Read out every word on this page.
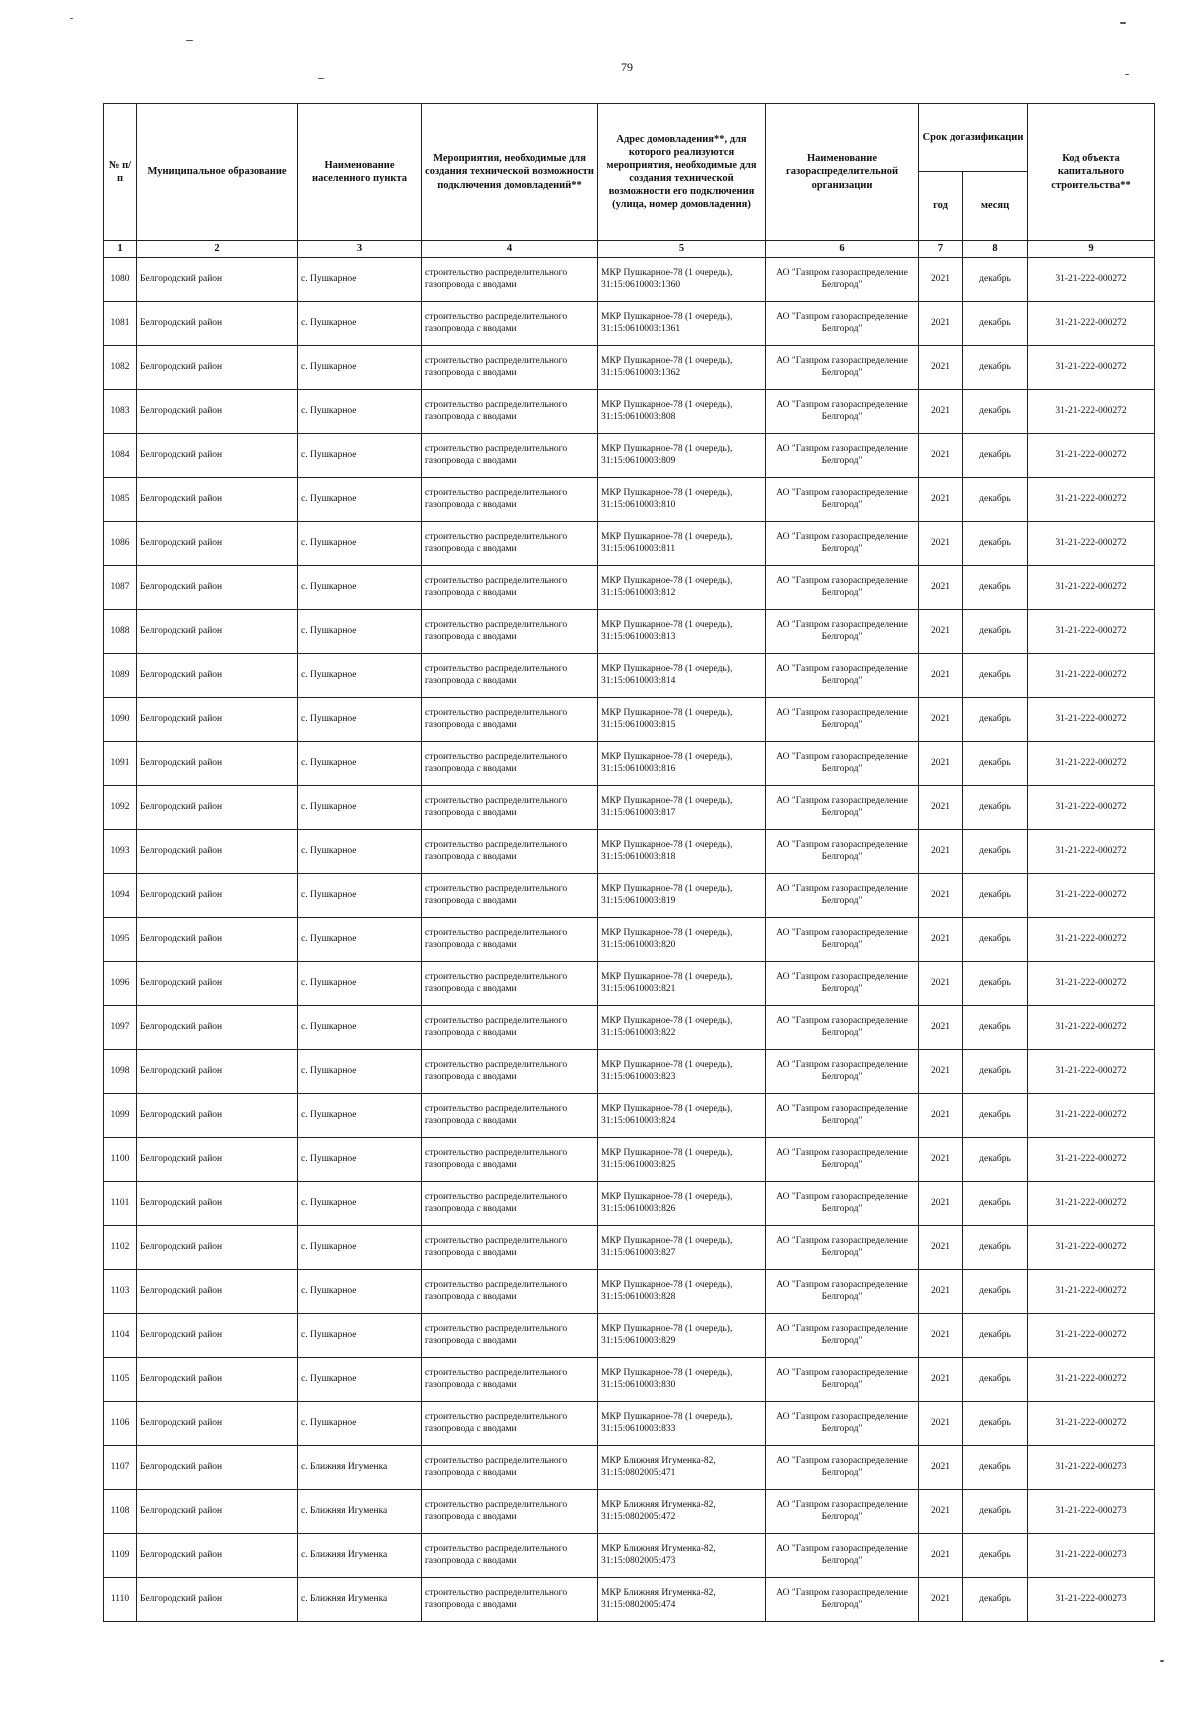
79
№ п/п	Муниципальное образование	Наименование населенного пункта	Мероприятия, необходимые для создания технической возможности подключения домовладений**	Адрес домовладения**, для которого реализуются мероприятия, необходимые для создания технической возможности его подключения (улица, номер домовладения)	Наименование газораспределительной организации	Срок догазификации		Код объекта капитального строительства**
						год	месяц	
1	2	3	4	5	6	7	8	9
1080	Белгородский район	с. Пушкарное	строительство распределительного газопровода с вводами	МКР Пушкарное-78 (1 очередь), 31:15:0610003:1360	АО "Газпром газораспределение Белгород"	2021	декабрь	31-21-222-000272
1081	Белгородский район	с. Пушкарное	строительство распределительного газопровода с вводами	МКР Пушкарное-78 (1 очередь), 31:15:0610003:1361	АО "Газпром газораспределение Белгород"	2021	декабрь	31-21-222-000272
1082	Белгородский район	с. Пушкарное	строительство распределительного газопровода с вводами	МКР Пушкарное-78 (1 очередь), 31:15:0610003:1362	АО "Газпром газораспределение Белгород"	2021	декабрь	31-21-222-000272
1083	Белгородский район	с. Пушкарное	строительство распределительного газопровода с вводами	МКР Пушкарное-78 (1 очередь), 31:15:0610003:808	АО "Газпром газораспределение Белгород"	2021	декабрь	31-21-222-000272
1084	Белгородский район	с. Пушкарное	строительство распределительного газопровода с вводами	МКР Пушкарное-78 (1 очередь), 31:15:0610003:809	АО "Газпром газораспределение Белгород"	2021	декабрь	31-21-222-000272
1085	Белгородский район	с. Пушкарное	строительство распределительного газопровода с вводами	МКР Пушкарное-78 (1 очередь), 31:15:0610003:810	АО "Газпром газораспределение Белгород"	2021	декабрь	31-21-222-000272
1086	Белгородский район	с. Пушкарное	строительство распределительного газопровода с вводами	МКР Пушкарное-78 (1 очередь), 31:15:0610003:811	АО "Газпром газораспределение Белгород"	2021	декабрь	31-21-222-000272
1087	Белгородский район	с. Пушкарное	строительство распределительного газопровода с вводами	МКР Пушкарное-78 (1 очередь), 31:15:0610003:812	АО "Газпром газораспределение Белгород"	2021	декабрь	31-21-222-000272
1088	Белгородский район	с. Пушкарное	строительство распределительного газопровода с вводами	МКР Пушкарное-78 (1 очередь), 31:15:0610003:813	АО "Газпром газораспределение Белгород"	2021	декабрь	31-21-222-000272
1089	Белгородский район	с. Пушкарное	строительство распределительного газопровода с вводами	МКР Пушкарное-78 (1 очередь), 31:15:0610003:814	АО "Газпром газораспределение Белгород"	2021	декабрь	31-21-222-000272
1090	Белгородский район	с. Пушкарное	строительство распределительного газопровода с вводами	МКР Пушкарное-78 (1 очередь), 31:15:0610003:815	АО "Газпром газораспределение Белгород"	2021	декабрь	31-21-222-000272
1091	Белгородский район	с. Пушкарное	строительство распределительного газопровода с вводами	МКР Пушкарное-78 (1 очередь), 31:15:0610003:816	АО "Газпром газораспределение Белгород"	2021	декабрь	31-21-222-000272
1092	Белгородский район	с. Пушкарное	строительство распределительного газопровода с вводами	МКР Пушкарное-78 (1 очередь), 31:15:0610003:817	АО "Газпром газораспределение Белгород"	2021	декабрь	31-21-222-000272
1093	Белгородский район	с. Пушкарное	строительство распределительного газопровода с вводами	МКР Пушкарное-78 (1 очередь), 31:15:0610003:818	АО "Газпром газораспределение Белгород"	2021	декабрь	31-21-222-000272
1094	Белгородский район	с. Пушкарное	строительство распределительного газопровода с вводами	МКР Пушкарное-78 (1 очередь), 31:15:0610003:819	АО "Газпром газораспределение Белгород"	2021	декабрь	31-21-222-000272
1095	Белгородский район	с. Пушкарное	строительство распределительного газопровода с вводами	МКР Пушкарное-78 (1 очередь), 31:15:0610003:820	АО "Газпром газораспределение Белгород"	2021	декабрь	31-21-222-000272
1096	Белгородский район	с. Пушкарное	строительство распределительного газопровода с вводами	МКР Пушкарное-78 (1 очередь), 31:15:0610003:821	АО "Газпром газораспределение Белгород"	2021	декабрь	31-21-222-000272
1097	Белгородский район	с. Пушкарное	строительство распределительного газопровода с вводами	МКР Пушкарное-78 (1 очередь), 31:15:0610003:822	АО "Газпром газораспределение Белгород"	2021	декабрь	31-21-222-000272
1098	Белгородский район	с. Пушкарное	строительство распределительного газопровода с вводами	МКР Пушкарное-78 (1 очередь), 31:15:0610003:823	АО "Газпром газораспределение Белгород"	2021	декабрь	31-21-222-000272
1099	Белгородский район	с. Пушкарное	строительство распределительного газопровода с вводами	МКР Пушкарное-78 (1 очередь), 31:15:0610003:824	АО "Газпром газораспределение Белгород"	2021	декабрь	31-21-222-000272
1100	Белгородский район	с. Пушкарное	строительство распределительного газопровода с вводами	МКР Пушкарное-78 (1 очередь), 31:15:0610003:825	АО "Газпром газораспределение Белгород"	2021	декабрь	31-21-222-000272
1101	Белгородский район	с. Пушкарное	строительство распределительного газопровода с вводами	МКР Пушкарное-78 (1 очередь), 31:15:0610003:826	АО "Газпром газораспределение Белгород"	2021	декабрь	31-21-222-000272
1102	Белгородский район	с. Пушкарное	строительство распределительного газопровода с вводами	МКР Пушкарное-78 (1 очередь), 31:15:0610003:827	АО "Газпром газораспределение Белгород"	2021	декабрь	31-21-222-000272
1103	Белгородский район	с. Пушкарное	строительство распределительного газопровода с вводами	МКР Пушкарное-78 (1 очередь), 31:15:0610003:828	АО "Газпром газораспределение Белгород"	2021	декабрь	31-21-222-000272
1104	Белгородский район	с. Пушкарное	строительство распределительного газопровода с вводами	МКР Пушкарное-78 (1 очередь), 31:15:0610003:829	АО "Газпром газораспределение Белгород"	2021	декабрь	31-21-222-000272
1105	Белгородский район	с. Пушкарное	строительство распределительного газопровода с вводами	МКР Пушкарное-78 (1 очередь), 31:15:0610003:830	АО "Газпром газораспределение Белгород"	2021	декабрь	31-21-222-000272
1106	Белгородский район	с. Пушкарное	строительство распределительного газопровода с вводами	МКР Пушкарное-78 (1 очередь), 31:15:0610003:833	АО "Газпром газораспределение Белгород"	2021	декабрь	31-21-222-000272
1107	Белгородский район	с. Ближняя Игуменка	строительство распределительного газопровода с вводами	МКР Ближняя Игуменка-82, 31:15:0802005:471	АО "Газпром газораспределение Белгород"	2021	декабрь	31-21-222-000273
1108	Белгородский район	с. Ближняя Игуменка	строительство распределительного газопровода с вводами	МКР Ближняя Игуменка-82, 31:15:0802005:472	АО "Газпром газораспределение Белгород"	2021	декабрь	31-21-222-000273
1109	Белгородский район	с. Ближняя Игуменка	строительство распределительного газопровода с вводами	МКР Ближняя Игуменка-82, 31:15:0802005:473	АО "Газпром газораспределение Белгород"	2021	декабрь	31-21-222-000273
1110	Белгородский район	с. Ближняя Игуменка	строительство распределительного газопровода с вводами	МКР Ближняя Игуменка-82, 31:15:0802005:474	АО "Газпром газораспределение Белгород"	2021	декабрь	31-21-222-000273
